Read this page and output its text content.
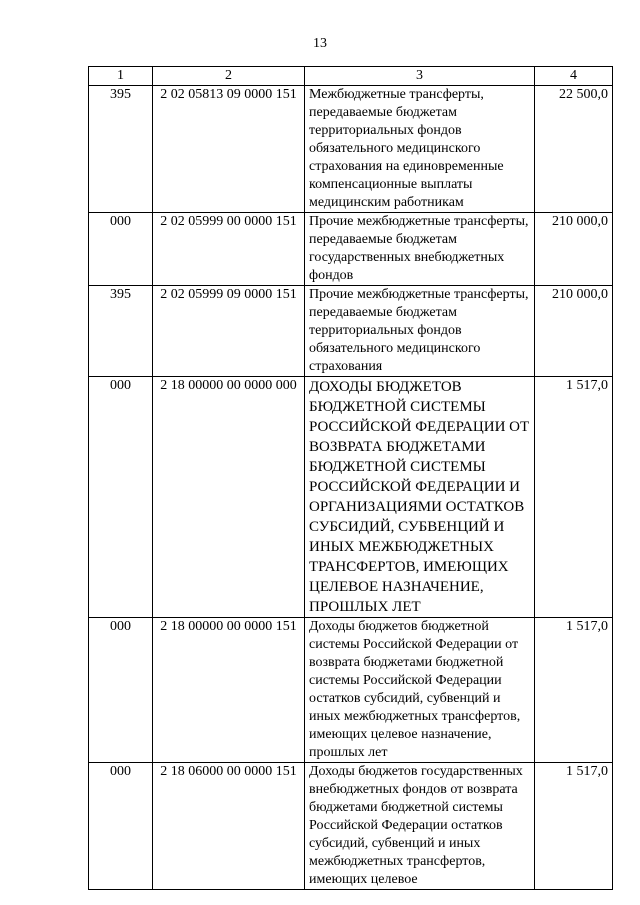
13
1	2	3	4
395	2 02 05813 09 0000 151	Межбюджетные трансферты, передаваемые бюджетам территориальных фондов обязательного медицинского страхования на единовременные компенсационные выплаты медицинским работникам	22 500,0
000	2 02 05999 00 0000 151	Прочие межбюджетные трансферты, передаваемые бюджетам государственных внебюджетных фондов	210 000,0
395	2 02 05999 09 0000 151	Прочие межбюджетные трансферты, передаваемые бюджетам территориальных фондов обязательного медицинского страхования	210 000,0
000	2 18 00000 00 0000 000	ДОХОДЫ БЮДЖЕТОВ БЮДЖЕТНОЙ СИСТЕМЫ РОССИЙСКОЙ ФЕДЕРАЦИИ ОТ ВОЗВРАТА БЮДЖЕТАМИ БЮДЖЕТНОЙ СИСТЕМЫ РОССИЙСКОЙ ФЕДЕРАЦИИ И ОРГАНИЗАЦИЯМИ ОСТАТКОВ СУБСИДИЙ, СУБВЕНЦИЙ И ИНЫХ МЕЖБЮДЖЕТНЫХ ТРАНСФЕРТОВ, ИМЕЮЩИХ ЦЕЛЕВОЕ НАЗНАЧЕНИЕ, ПРОШЛЫХ ЛЕТ	1 517,0
000	2 18 00000 00 0000 151	Доходы бюджетов бюджетной системы Российской Федерации от возврата бюджетами бюджетной системы Российской Федерации остатков субсидий, субвенций и иных межбюджетных трансфертов, имеющих целевое назначение, прошлых лет	1 517,0
000	2 18 06000 00 0000 151	Доходы бюджетов государственных внебюджетных фондов от возврата бюджетами бюджетной системы Российской Федерации остатков субсидий, субвенций и иных межбюджетных трансфертов, имеющих целевое	1 517,0
